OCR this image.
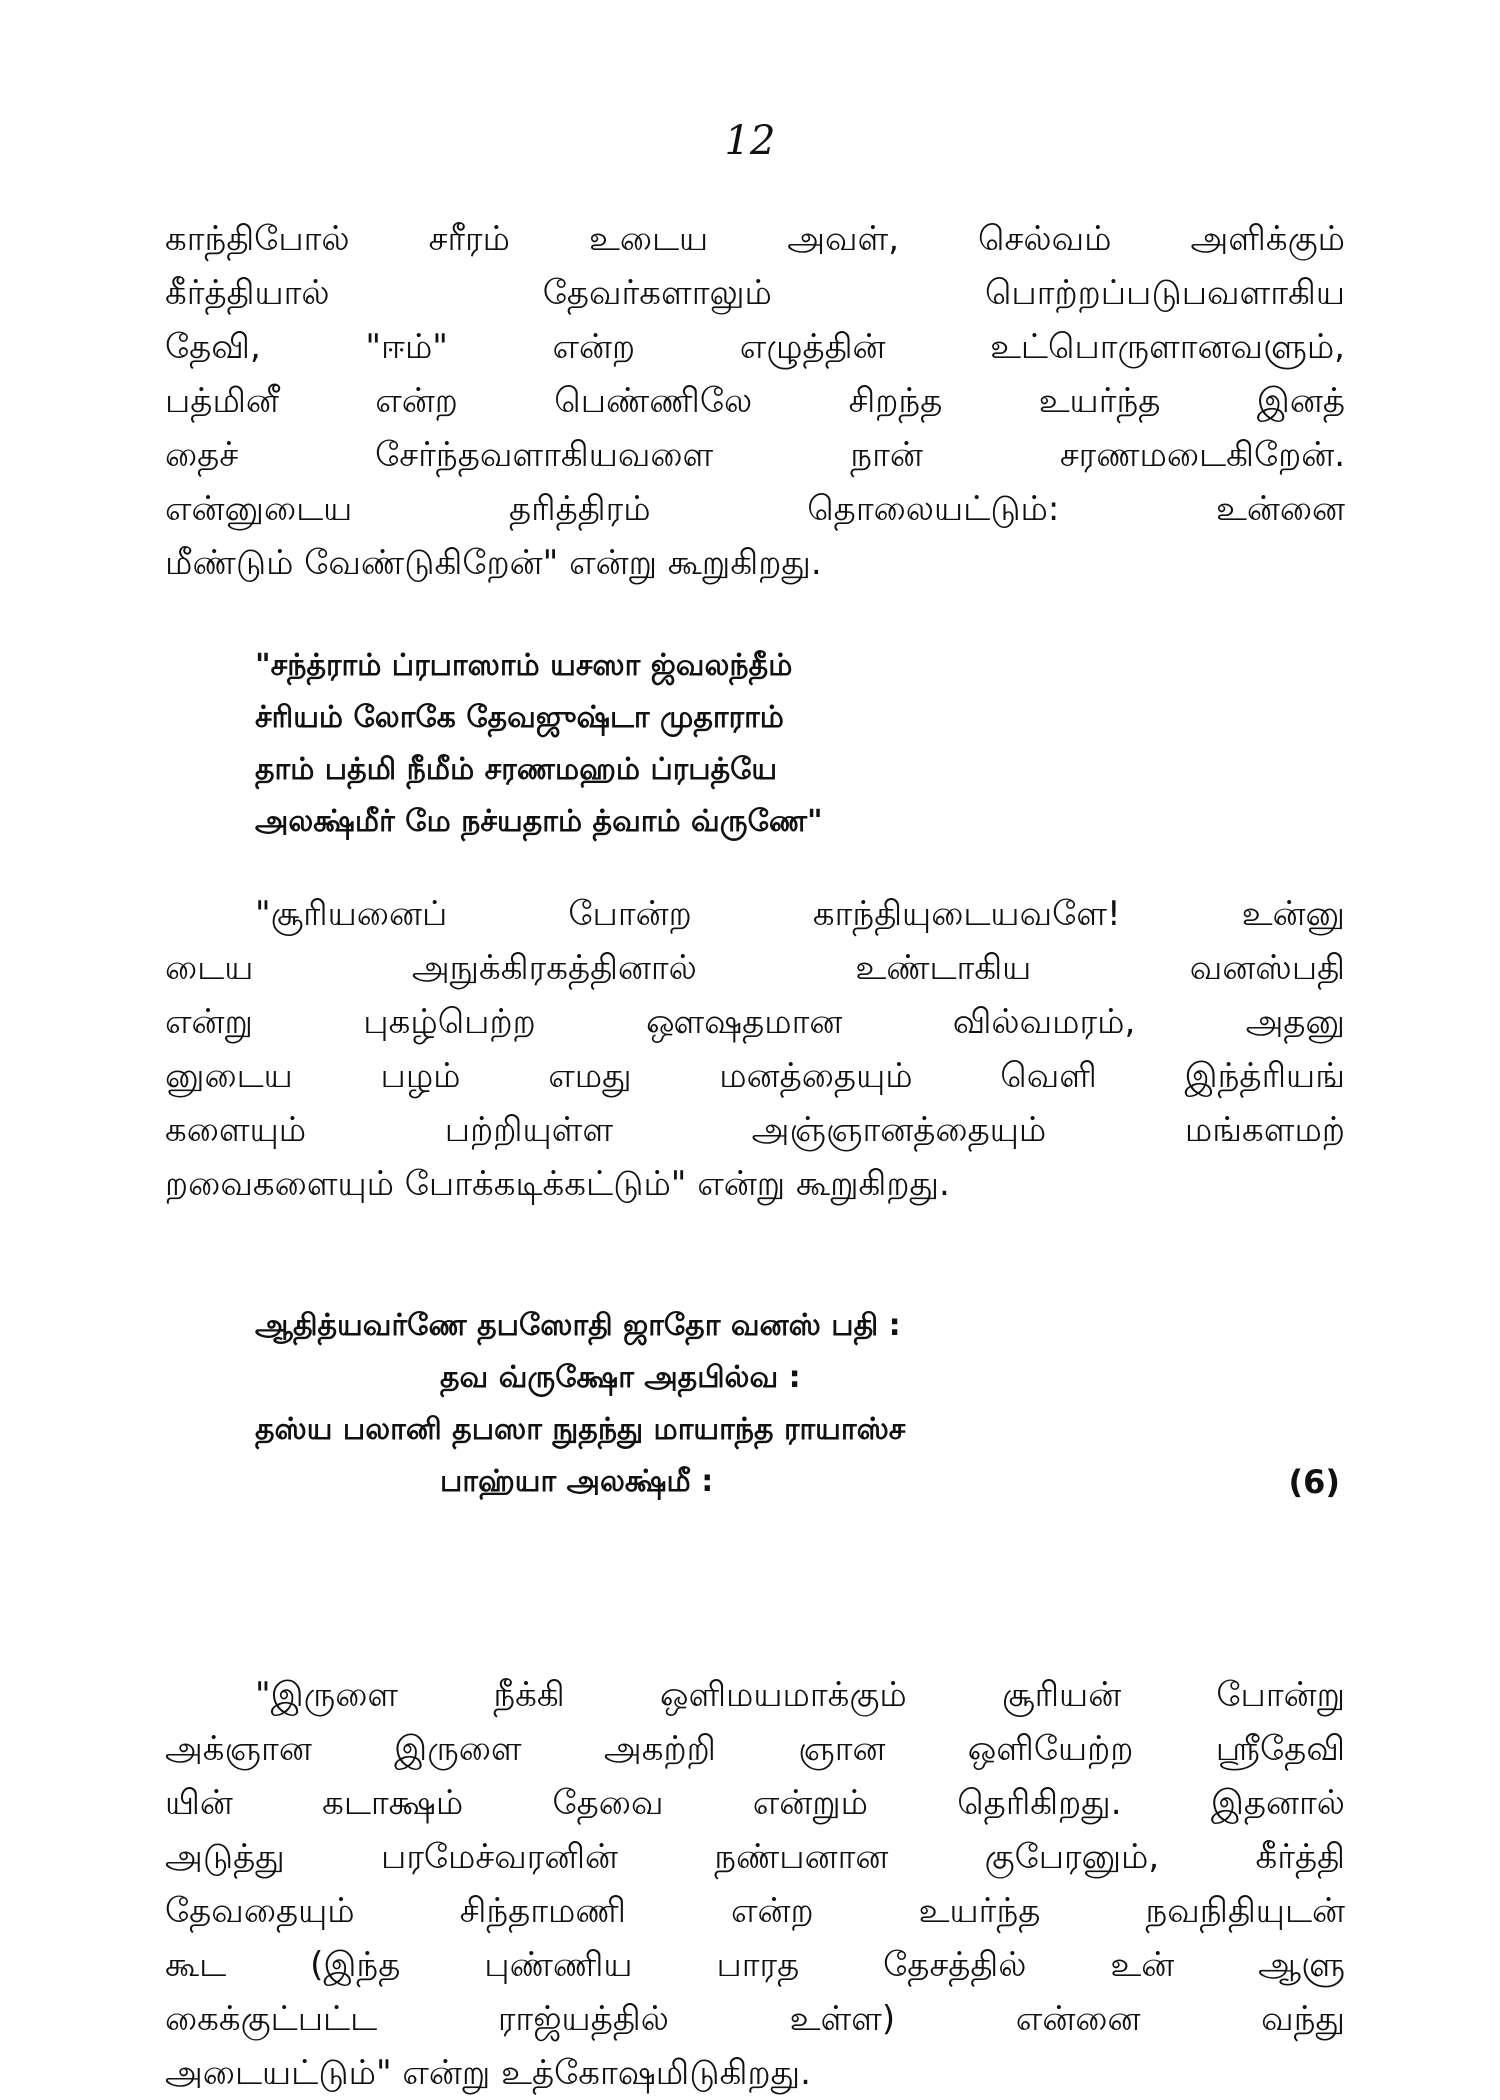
12
காந்திபோல் சரீரம் உடைய அவள், செல்வம் அளிக்கும்
கீர்த்தியால் தேவர்களாலும் பொற்றப்படுபவளாகிய
தேவி, "ஈம்" என்ற எழுத்தின் உட்பொருளானவளும்,
பத்மினீ என்ற பெண்ணிலே சிறந்த உயர்ந்த இனத்
தைச் சேர்ந்தவளாகியவளை நான் சரணமடைகிறேன்.
என்னுடைய தரித்திரம் தொலையட்டும்: உன்னை
மீண்டும் வேண்டுகிறேன்" என்று கூறுகிறது.
"சந்த்ராம் ப்ரபாஸாம் யசஸா ஜ்வலந்தீம்
ச்ரியம் லோகே தேவஜுஷ்டா முதாராம்
தாம் பத்மி நீமீம் சரணமஹம் ப்ரபத்யே
அலக்ஷ்மீர் மே நச்யதாம் த்வாம் வ்ருணே"
"சூரியனைப் போன்ற காந்தியுடையவளே! உன்னு
டைய அநுக்கிரகத்தினால் உண்டாகிய வனஸ்பதி
என்று புகழ்பெற்ற ஔஷதமான வில்வமரம், அதனு
னுடைய பழம் எமது மனத்தையும் வெளி இந்த்ரியங்
களையும் பற்றியுள்ள அஞ்ஞானத்தையும் மங்களமற்
றவைகளையும் போக்கடிக்கட்டும்" என்று கூறுகிறது.
ஆதித்யவர்ணே தபஸோதி ஜாதோ வனஸ் பதி :
தவ வ்ருக்ஷோ அதபில்வ :
தஸ்ய பலானி தபஸா நுதந்து மாயாந்த ராயாஸ்ச
பாஹ்யா அலக்ஷ்மீ :	(6)
"இருளை நீக்கி ஒளிமயமாக்கும் சூரியன் போன்று
அக்ஞான இருளை அகற்றி ஞான ஒளியேற்ற ஸ்ரீதேவி
யின் கடாக்ஷம் தேவை என்றும் தெரிகிறது. இதனால்
அடுத்து பரமேச்வரனின் நண்பனான குபேரனும், கீர்த்தி
தேவதையும் சிந்தாமணி என்ற உயர்ந்த நவநிதியுடன்
கூட (இந்த புண்ணிய பாரத தேசத்தில் உன் ஆளு
கைக்குட்பட்ட ராஜ்யத்தில் உள்ள) என்னை வந்து
அடையட்டும்" என்று உத்கோஷமிடுகிறது.
